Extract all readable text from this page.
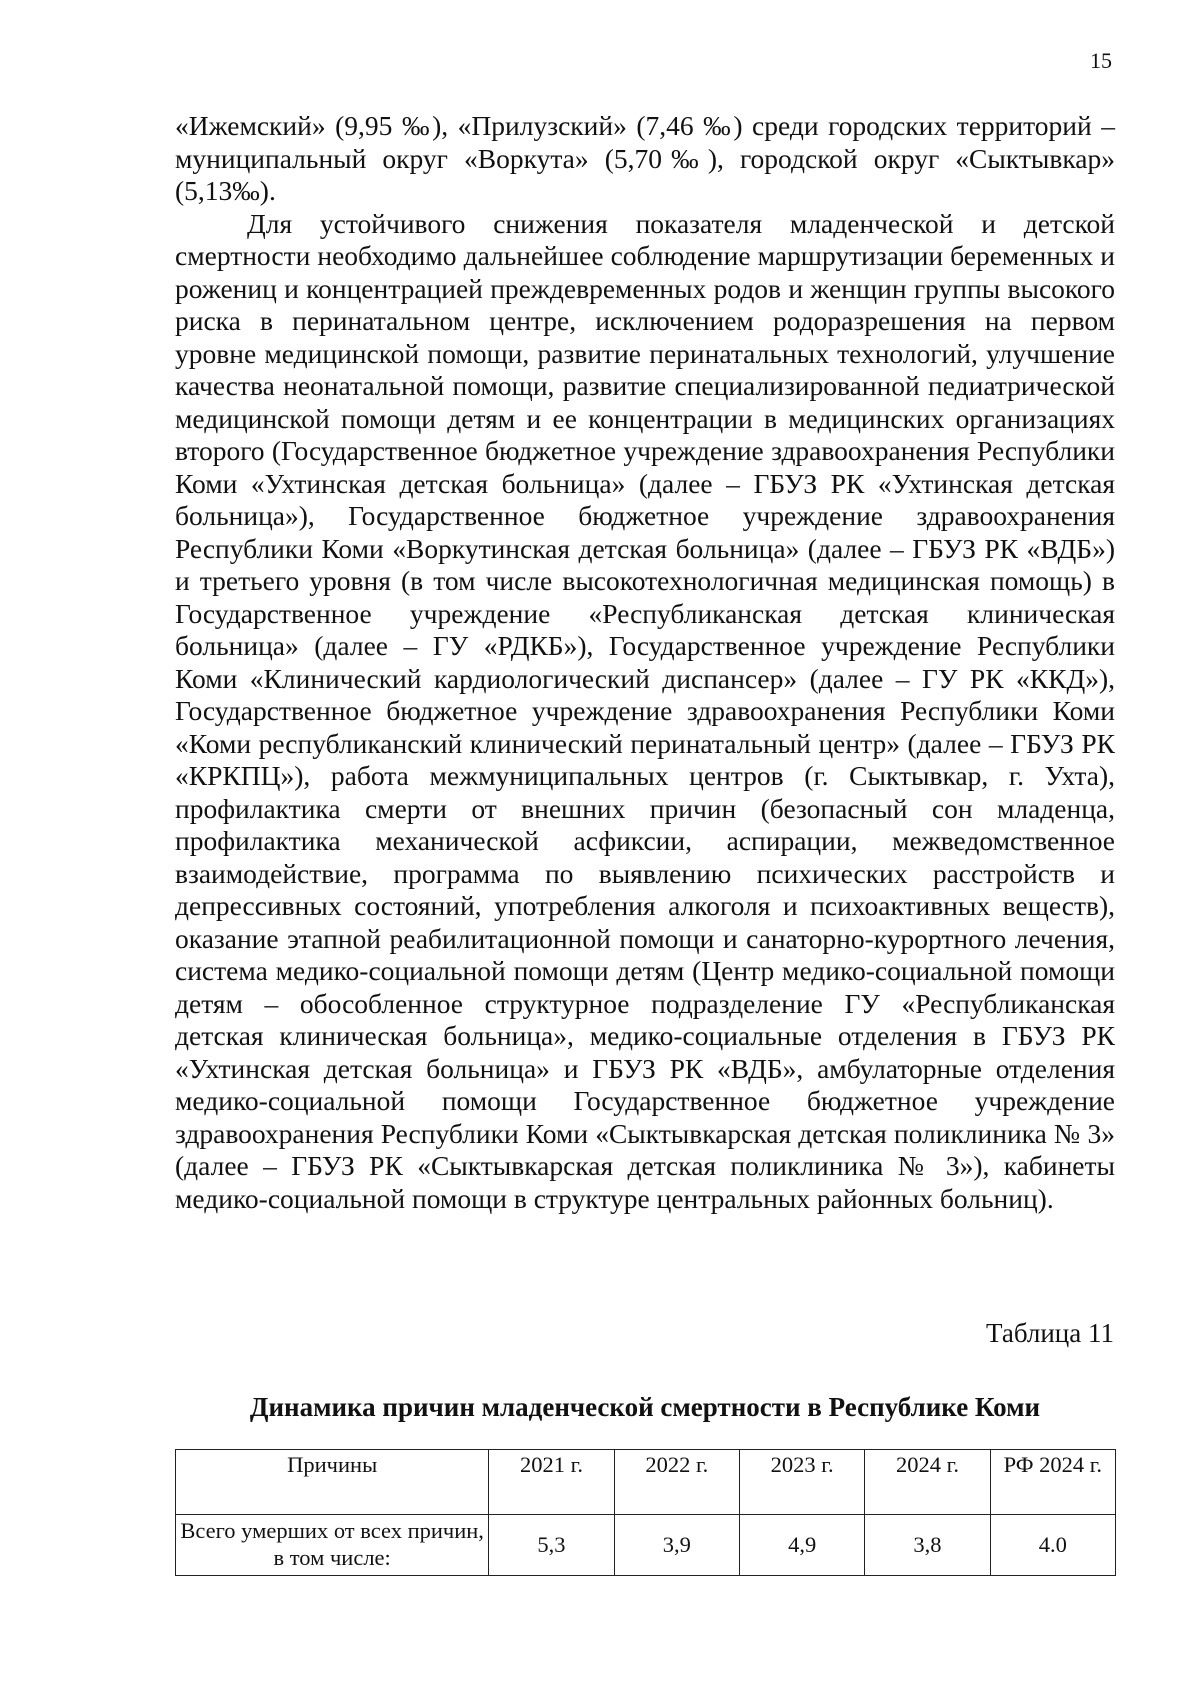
15

«Ижемский» (9,95 ‰), «Прилузский» (7,46 ‰) среди городских территорий – муниципальный округ «Воркута» (5,70‰), городской округ «Сыктывкар» (5,13‰).

Для устойчивого снижения показателя младенческой и детской смертности необходимо дальнейшее соблюдение маршрутизации беременных и рожениц и концентрацией преждевременных родов и женщин группы высокого риска в перинатальном центре, исключением родоразрешения на первом уровне медицинской помощи, развитие перинатальных технологий, улучшение качества неонатальной помощи, развитие специализированной педиатрической медицинской помощи детям и ее концентрации в медицинских организациях второго (Государственное бюджетное учреждение здравоохранения Республики Коми «Ухтинская детская больница» (далее – ГБУЗ РК «Ухтинская детская больница»), Государственное бюджетное учреждение здравоохранения Республики Коми «Воркутинская детская больница» (далее – ГБУЗ РК «ВДБ») и третьего уровня (в том числе высокотехнологичная медицинская помощь) в Государственное учреждение «Республиканская детская клиническая больница» (далее – ГУ «РДКБ»), Государственное учреждение Республики Коми «Клинический кардиологический диспансер» (далее – ГУ РК «ККД»), Государственное бюджетное учреждение здравоохранения Республики Коми «Коми республиканский клинический перинатальный центр» (далее – ГБУЗ РК «КРКПЦ»), работа межмуниципальных центров (г. Сыктывкар, г. Ухта), профилактика смерти от внешних причин (безопасный сон младенца, профилактика механической асфиксии, аспирации, межведомственное взаимодействие, программа по выявлению психических расстройств и депрессивных состояний, употребления алкоголя и психоактивных веществ), оказание этапной реабилитационной помощи и санаторно-курортного лечения, система медико-социальной помощи детям (Центр медико-социальной помощи детям – обособленное структурное подразделение ГУ «Республиканская детская клиническая больница», медико-социальные отделения в ГБУЗ РК «Ухтинская детская больница» и ГБУЗ РК «ВДБ», амбулаторные отделения медико-социальной помощи Государственное бюджетное учреждение здравоохранения Республики Коми «Сыктывкарская детская поликлиника № 3» (далее – ГБУЗ РК «Сыктывкарская детская поликлиника № 3»), кабинеты медико-социальной помощи в структуре центральных районных больниц).

Таблица 11
Динамика причин младенческой смертности в Республике Коми
Причины	2021 г.	2022 г.	2023 г.	2024 г.	РФ 2024 г.
Всего умерших от всех причин, в том числе:	5,3	3,9	4,9	3,8	4.0
